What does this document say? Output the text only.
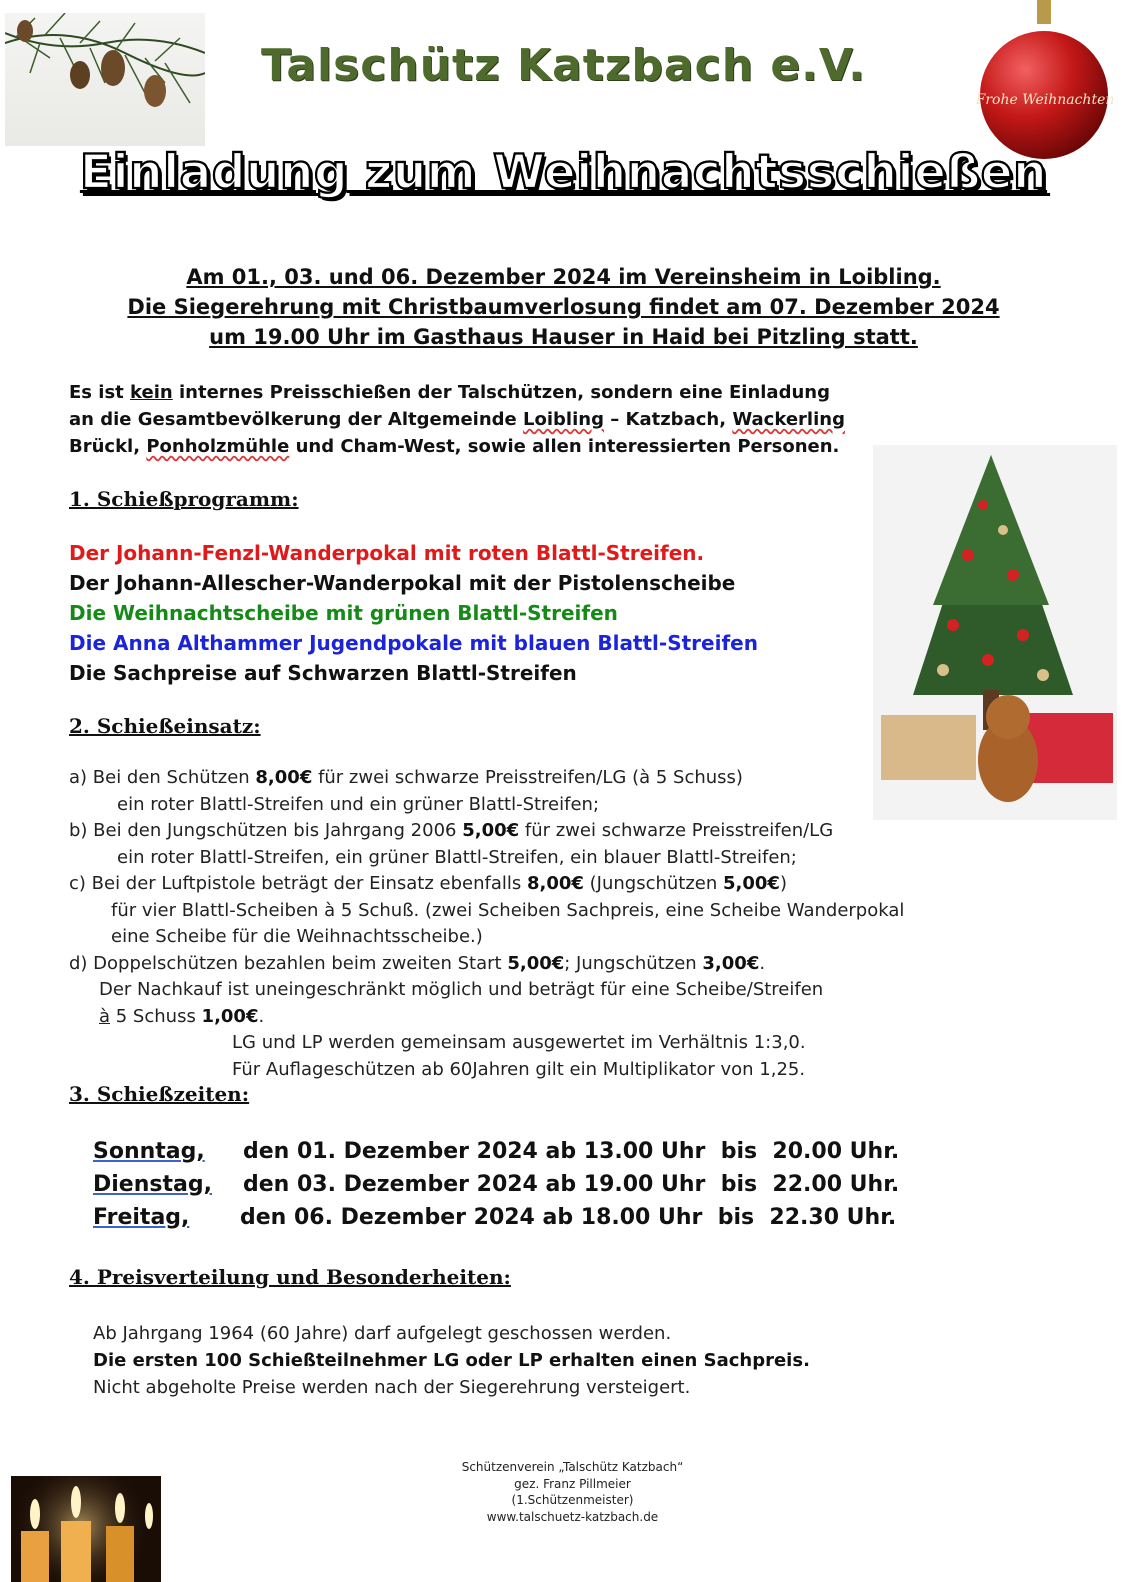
Frohe Weihnachten
Talschütz Katzbach e.V.
Einladung zum Weihnachtsschießen
Am 01., 03. und 06. Dezember 2024 im Vereinsheim in Loibling.
Die Siegerehrung mit Christbaumverlosung findet am 07. Dezember 2024
um 19.00 Uhr im Gasthaus Hauser in Haid bei Pitzling statt.
Es ist kein internes Preisschießen der Talschützen, sondern eine Einladung
an die Gesamtbevölkerung der Altgemeinde Loibling – Katzbach, Wackerling
Brückl, Ponholzmühle und Cham-West, sowie allen interessierten Personen.
1. Schießprogramm:
Der Johann-Fenzl-Wanderpokal mit roten Blattl-Streifen.
Der Johann-Allescher-Wanderpokal mit der Pistolenscheibe
Die Weihnachtscheibe mit grünen Blattl-Streifen
Die Anna Althammer Jugendpokale mit blauen Blattl-Streifen
Die Sachpreise auf Schwarzen Blattl-Streifen
2. Schießeinsatz:
a) Bei den Schützen 8,00€ für zwei schwarze Preisstreifen/LG (à 5 Schuss)
ein roter Blattl-Streifen und ein grüner Blattl-Streifen;
b) Bei den Jungschützen bis Jahrgang 2006 5,00€ für zwei schwarze Preisstreifen/LG
ein roter Blattl-Streifen, ein grüner Blattl-Streifen, ein blauer Blattl-Streifen;
c) Bei der Luftpistole beträgt der Einsatz ebenfalls 8,00€ (Jungschützen 5,00€)
für vier Blattl-Scheiben à 5 Schuß. (zwei Scheiben Sachpreis, eine Scheibe Wanderpokal
eine Scheibe für die Weihnachtsscheibe.)
d) Doppelschützen bezahlen beim zweiten Start 5,00€; Jungschützen 3,00€.
Der Nachkauf ist uneingeschränkt möglich und beträgt für eine Scheibe/Streifen
à 5 Schuss 1,00€.
LG und LP werden gemeinsam ausgewertet im Verhältnis 1:3,0.
Für Auflageschützen ab 60Jahren gilt ein Multiplikator von 1,25.
3. Schießzeiten:
Sonntag, den 01. Dezember 2024 ab 13.00 Uhr  bis  20.00 Uhr.
Dienstag, den 03. Dezember 2024 ab 19.00 Uhr  bis  22.00 Uhr.
Freitag, den 06. Dezember 2024 ab 18.00 Uhr  bis  22.30 Uhr.
4. Preisverteilung und Besonderheiten:
Ab Jahrgang 1964 (60 Jahre) darf aufgelegt geschossen werden.
Die ersten 100 Schießteilnehmer LG oder LP erhalten einen Sachpreis.
Nicht abgeholte Preise werden nach der Siegerehrung versteigert.
Schützenverein „Talschütz Katzbach“
gez. Franz Pillmeier
(1.Schützenmeister)
www.talschuetz-katzbach.de
